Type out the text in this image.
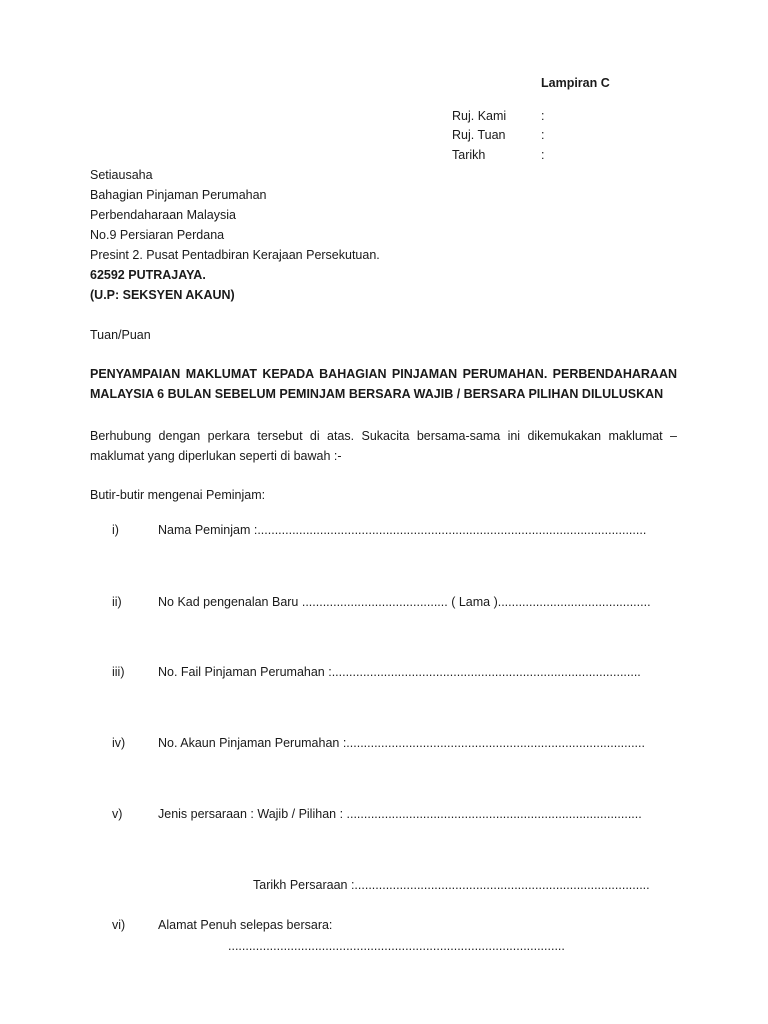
Lampiran C
Ruj. Kami	:
Ruj. Tuan	:
Tarikh	:
Setiausaha
Bahagian Pinjaman Perumahan
Perbendaharaan Malaysia
No.9 Persiaran Perdana
Presint 2. Pusat Pentadbiran Kerajaan Persekutuan.
62592 PUTRAJAYA.
(U.P: SEKSYEN AKAUN)
Tuan/Puan
PENYAMPAIAN MAKLUMAT KEPADA BAHAGIAN PINJAMAN PERUMAHAN. PERBENDAHARAAN MALAYSIA 6 BULAN SEBELUM PEMINJAM BERSARA WAJIB / BERSARA PILIHAN DILULUSKAN
Berhubung dengan perkara tersebut di atas. Sukacita bersama-sama ini dikemukakan maklumat – maklumat yang diperlukan seperti di bawah :-
Butir-butir mengenai Peminjam:
i)	Nama Peminjam :................................................................................................................
ii)	No Kad pengenalan Baru .......................................... ( Lama )............................................
iii)	No. Fail Pinjaman Perumahan :.........................................................................................
iv)	No. Akaun Pinjaman Perumahan :......................................................................................
v)	Jenis persaraan : Wajib / Pilihan : .....................................................................................
Tarikh Persaraan :.....................................................................................
vi)	Alamat Penuh selepas bersara:
.................................................................................................
